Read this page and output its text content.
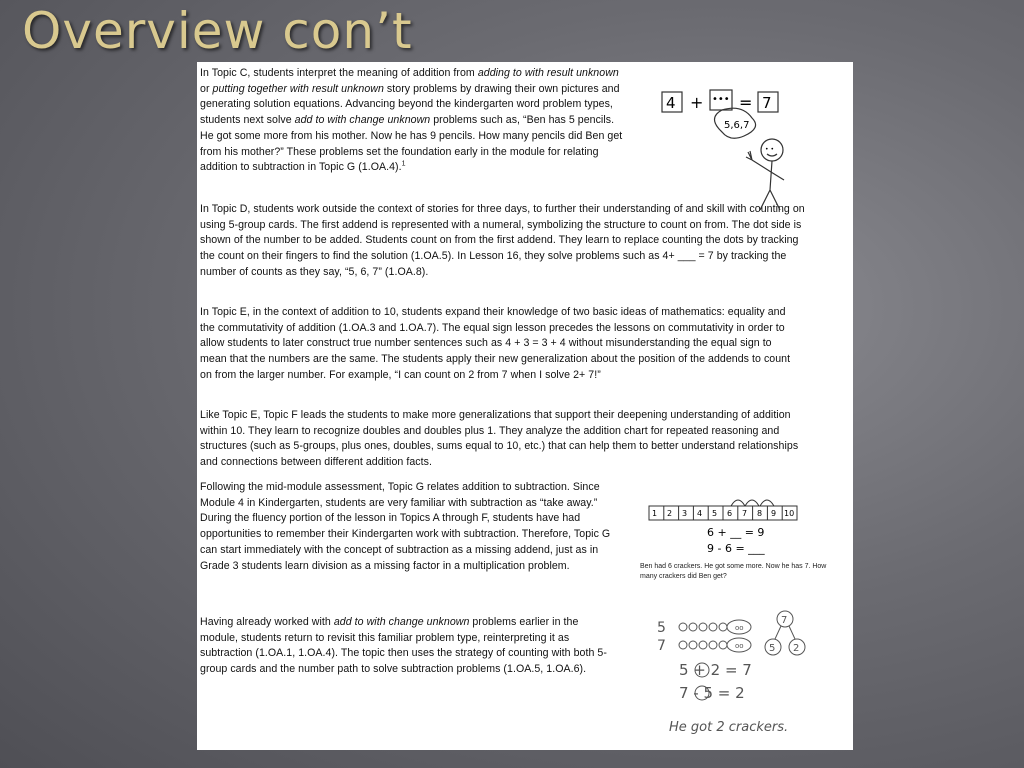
Overview con’t

In Topic C, students interpret the meaning of addition from adding to with result unknown or putting together with result unknown story problems by drawing their own pictures and generating solution equations. Advancing beyond the kindergarten word problem types, students next solve add to with change unknown problems such as, “Ben has 5 pencils. He got some more from his mother. Now he has 9 pencils. How many pencils did Ben get from his mother?” These problems set the foundation early in the module for relating addition to subtraction in Topic G (1.OA.4).$^1$

In Topic D, students work outside the context of stories for three days, to further their understanding of and skill with counting on using 5-group cards. The first addend is represented with a numeral, symbolizing the structure to count on from. The dot side is shown of the number to be added. Students count on from the first addend. They learn to replace counting the dots by tracking the count on their fingers to find the solution (1.OA.5). In Lesson 16, they solve problems such as 4+ ___ = 7 by tracking the number of counts as they say, “5, 6, 7” (1.OA.8).

In Topic E, in the context of addition to 10, students expand their knowledge of two basic ideas of mathematics: equality and the commutativity of addition (1.OA.3 and 1.OA.7). The equal sign lesson precedes the lessons on commutativity in order to allow students to later construct true number sentences such as 4 + 3 = 3 + 4 without misunderstanding the equal sign to mean that the numbers are the same. The students apply their new generalization about the position of the addends to count on from the larger number. For example, “I can count on 2 from 7 when I solve 2+ 7!”

Like Topic E, Topic F leads the students to make more generalizations that support their deepening understanding of addition within 10. They learn to recognize doubles and doubles plus 1. They analyze the addition chart for repeated reasoning and structures (such as 5-groups, plus ones, doubles, sums equal to 10, etc.) that can help them to better understand relationships and connections between different addition facts.

Following the mid-module assessment, Topic G relates addition to subtraction. Since Module 4 in Kindergarten, students are very familiar with subtraction as “take away.” During the fluency portion of the lesson in Topics A through F, students have had opportunities to remember their Kindergarten work with subtraction. Therefore, Topic G can start immediately with the concept of subtraction as a missing addend, just as in Grade 3 students learn division as a missing factor in a multiplication problem.

Having already worked with add to with change unknown problems earlier in the module, students return to revisit this familiar problem type, reinterpreting it as subtraction (1.OA.1, 1.OA.4). The topic then uses the strategy of counting with both 5-group cards and the number path to solve subtraction problems (1.OA.5, 1.OA.6).

4 + ••• = 7
5,6,7
• •
1 2 3 4 5 6 7 8 9 10
6 + __ = 9
9 - 6 = ___
Ben had 6 crackers. He got some more. Now he has 7. How many crackers did Ben get?
5
7
oo
oo
7
5 2
5 + 2 = 7
7 - 5 = 2
He got 2 crackers.
